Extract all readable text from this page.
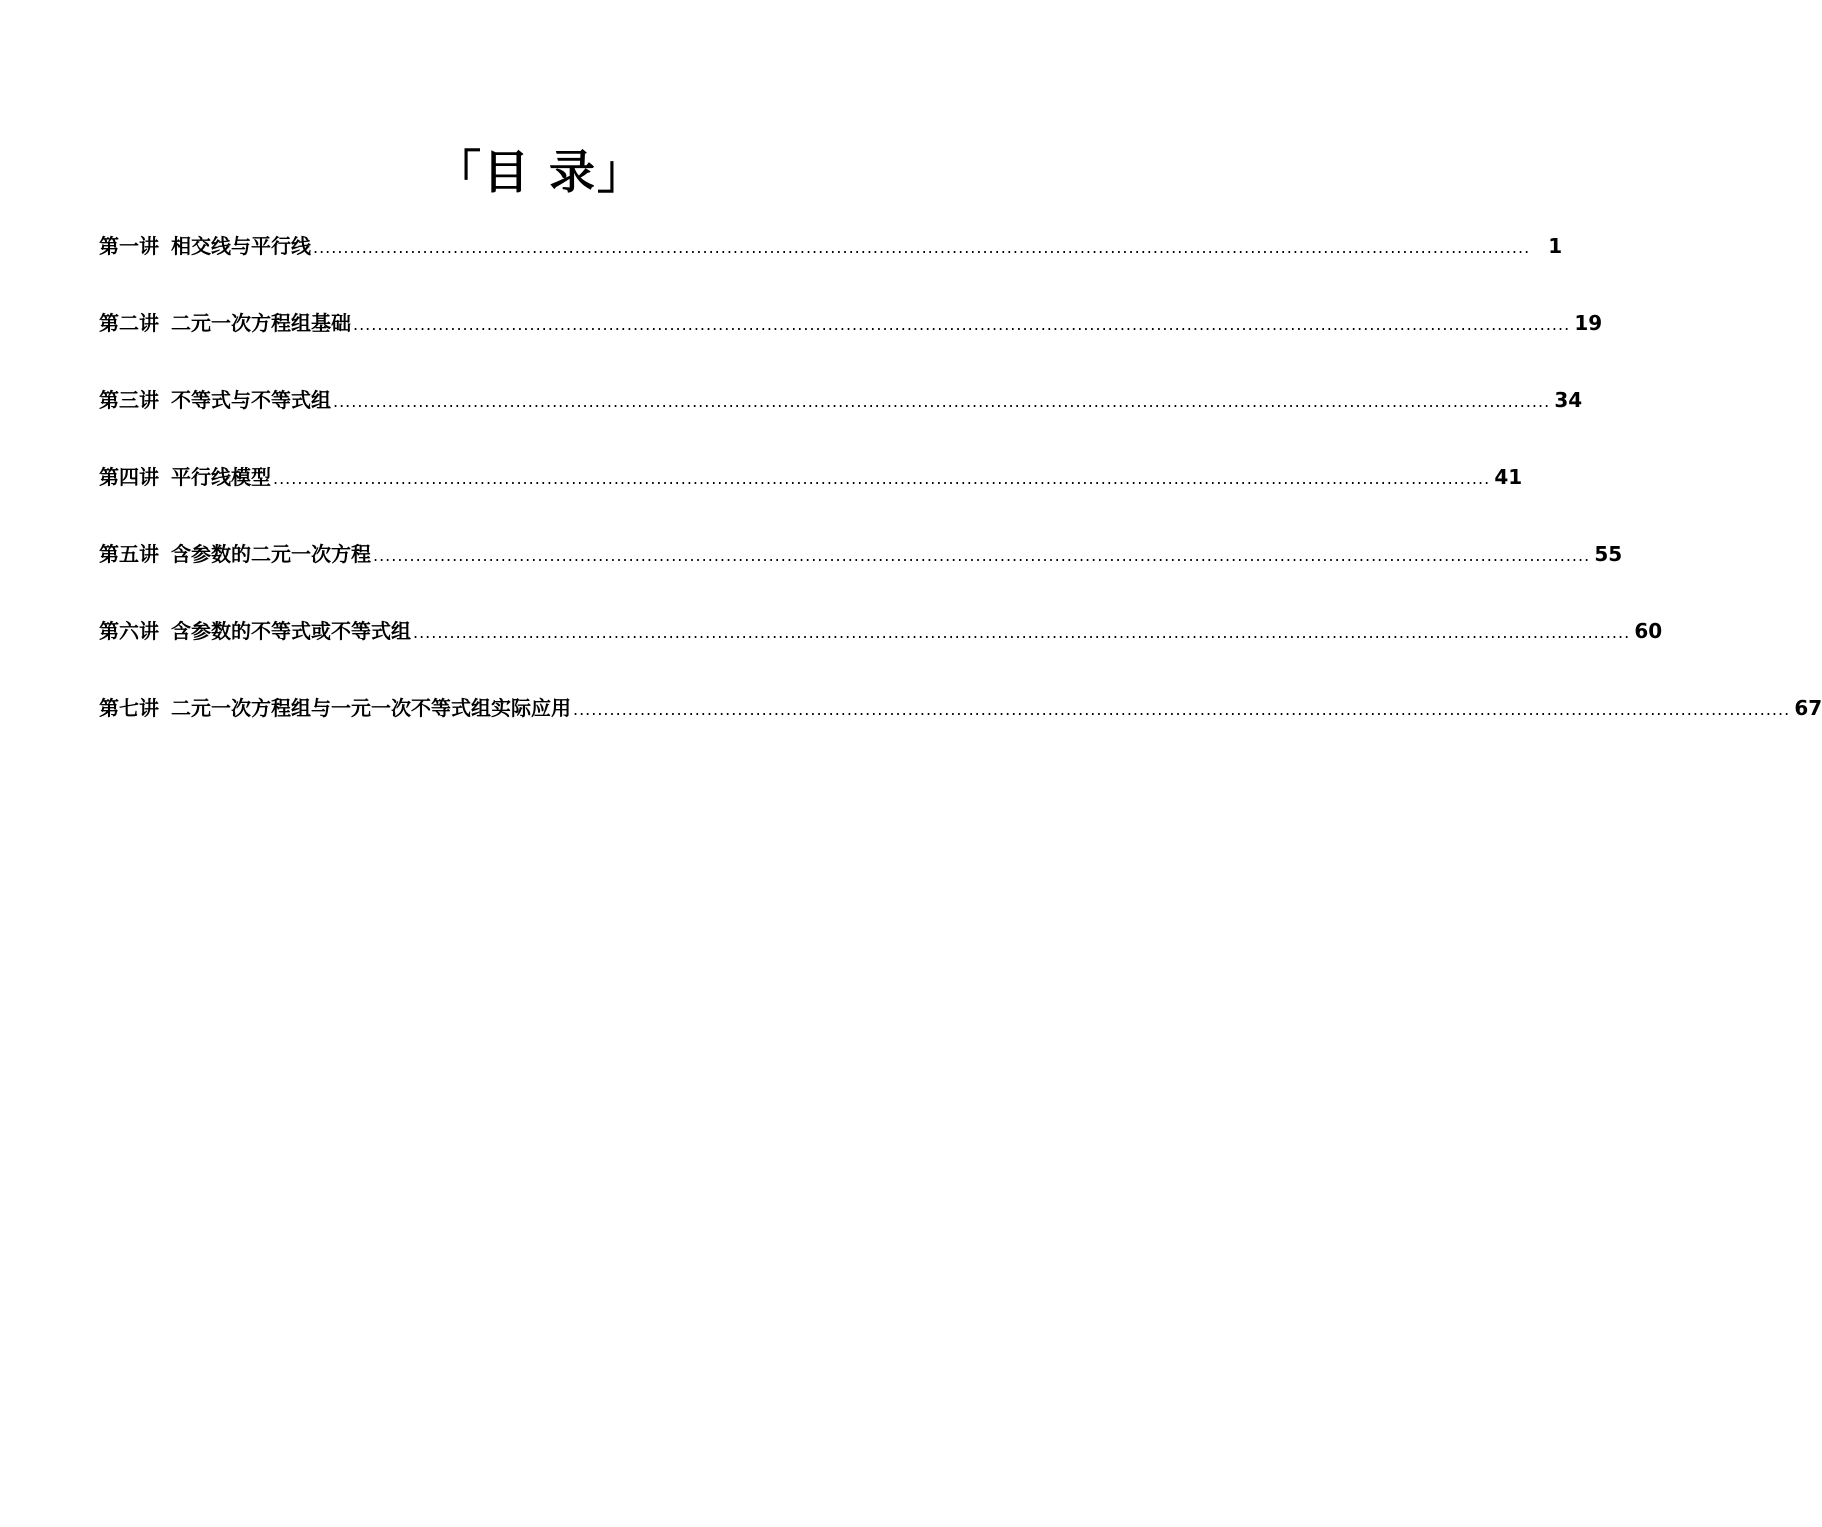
「目 录」
第一讲 相交线与平行线 ........................................................................................................................................................................................................ 1
第二讲 二元一次方程组基础 ........................................................................................................................................................................................................ 19
第三讲 不等式与不等式组 ........................................................................................................................................................................................................ 34
第四讲 平行线模型 ........................................................................................................................................................................................................ 41
第五讲 含参数的二元一次方程 ........................................................................................................................................................................................................ 55
第六讲 含参数的不等式或不等式组 ........................................................................................................................................................................................................ 60
第七讲 二元一次方程组与一元一次不等式组实际应用 ........................................................................................................................................................................................................ 67
